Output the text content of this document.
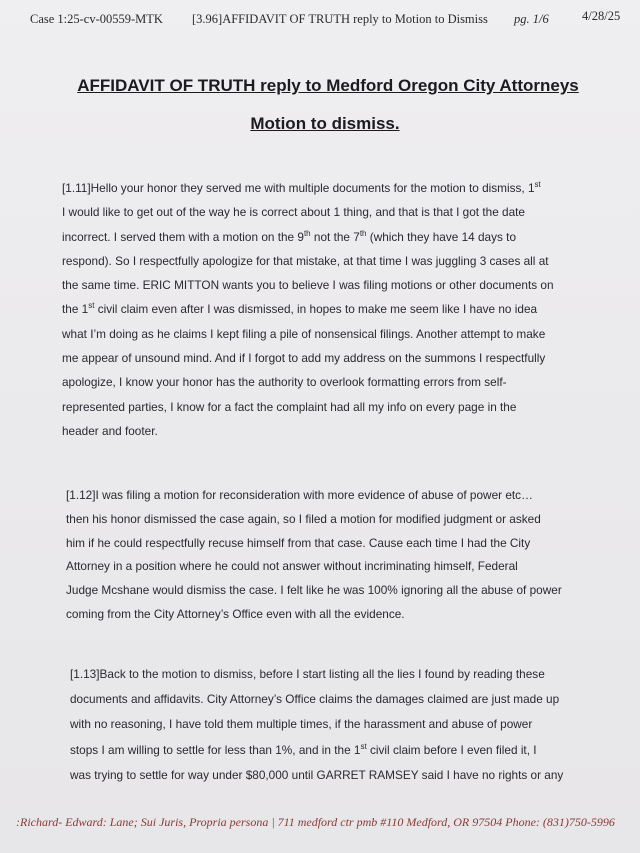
Case 1:25-cv-00559-MTK [3.96]AFFIDAVIT OF TRUTH reply to Motion to Dismiss pg. 1/6	4/28/25
AFFIDAVIT OF TRUTH reply to Medford Oregon City Attorneys
Motion to dismiss.

[1.11]Hello your honor they served me with multiple documents for the motion to dismiss, 1st

I would like to get out of the way he is correct about 1 thing, and that is that I got the date

incorrect. I served them with a motion on the 9th not the 7th (which they have 14 days to

respond). So I respectfully apologize for that mistake, at that time I was juggling 3 cases all at

the same time. ERIC MITTON wants you to believe I was filing motions or other documents on

the 1st civil claim even after I was dismissed, in hopes to make me seem like I have no idea

what I’m doing as he claims I kept filing a pile of nonsensical filings. Another attempt to make

me appear of unsound mind. And if I forgot to add my address on the summons I respectfully

apologize, I know your honor has the authority to overlook formatting errors from self-

represented parties, I know for a fact the complaint had all my info on every page in the

header and footer.

[1.12]I was filing a motion for reconsideration with more evidence of abuse of power etc…

then his honor dismissed the case again, so I filed a motion for modified judgment or asked

him if he could respectfully recuse himself from that case. Cause each time I had the City

Attorney in a position where he could not answer without incriminating himself, Federal

Judge Mcshane would dismiss the case. I felt like he was 100% ignoring all the abuse of power

coming from the City Attorney’s Office even with all the evidence.

[1.13]Back to the motion to dismiss, before I start listing all the lies I found by reading these

documents and affidavits. City Attorney’s Office claims the damages claimed are just made up

with no reasoning, I have told them multiple times, if the harassment and abuse of power

stops I am willing to settle for less than 1%, and in the 1st civil claim before I even filed it, I

was trying to settle for way under $80,000 until GARRET RAMSEY said I have no rights or any

:Richard- Edward: Lane; Sui Juris, Propria persona | 711 medford ctr pmb #110 Medford, OR 97504 Phone: (831)750-5996
